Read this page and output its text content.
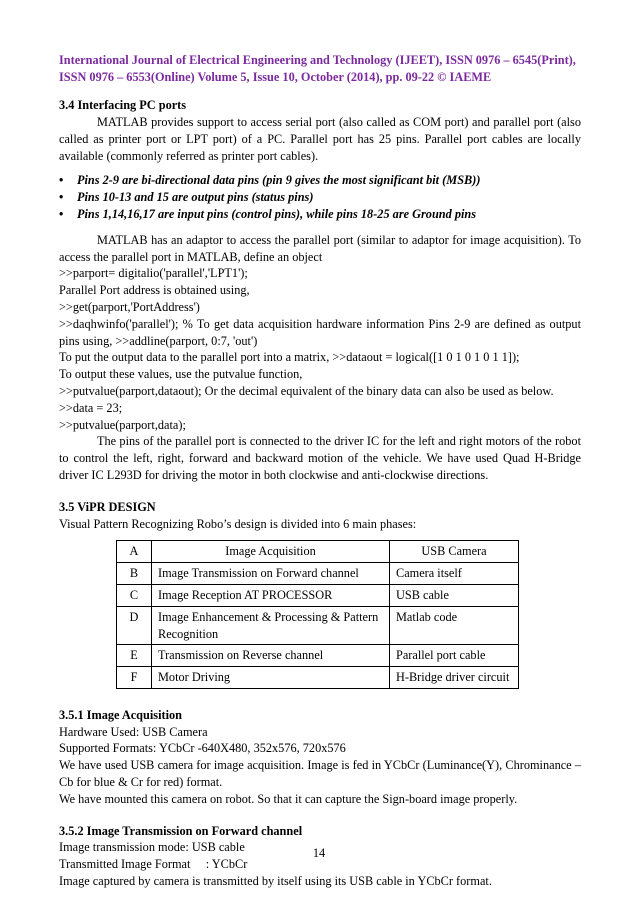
International Journal of Electrical Engineering and Technology (IJEET), ISSN 0976 – 6545(Print),
ISSN 0976 – 6553(Online) Volume 5, Issue 10, October (2014), pp. 09-22 © IAEME
3.4 Interfacing PC ports

MATLAB provides support to access serial port (also called as COM port) and parallel port (also called as printer port or LPT port) of a PC. Parallel port has 25 pins. Parallel port cables are locally available (commonly referred as printer port cables).

• Pins 2-9 are bi-directional data pins (pin 9 gives the most significant bit (MSB))
• Pins 10-13 and 15 are output pins (status pins)
• Pins 1,14,16,17 are input pins (control pins), while pins 18-25 are Ground pins

MATLAB has an adaptor to access the parallel port (similar to adaptor for image acquisition). To access the parallel port in MATLAB, define an object

>>parport= digitalio('parallel','LPT1');

Parallel Port address is obtained using,

>>get(parport,'PortAddress')

>>daqhwinfo('parallel'); % To get data acquisition hardware information Pins 2-9 are defined as output pins using, >>addline(parport, 0:7, 'out')

To put the output data to the parallel port into a matrix, >>dataout = logical([1 0 1 0 1 0 1 1]);

To output these values, use the putvalue function,

>>putvalue(parport,dataout); Or the decimal equivalent of the binary data can also be used as below.

>>data = 23;

>>putvalue(parport,data);

The pins of the parallel port is connected to the driver IC for the left and right motors of the robot to control the left, right, forward and backward motion of the vehicle. We have used Quad H-Bridge driver IC L293D for driving the motor in both clockwise and anti-clockwise directions.

3.5 ViPR DESIGN

Visual Pattern Recognizing Robo’s design is divided into 6 main phases:

A	Image Acquisition	USB Camera
B	Image Transmission on Forward channel	Camera itself
C	Image Reception AT PROCESSOR	USB cable
D	Image Enhancement & Processing & Pattern Recognition	Matlab code
E	Transmission on Reverse channel	Parallel port cable
F	Motor Driving	H-Bridge driver circuit
3.5.1 Image Acquisition

Hardware Used: USB Camera

Supported Formats: YCbCr -640X480, 352x576, 720x576

We have used USB camera for image acquisition. Image is fed in YCbCr (Luminance(Y), Chrominance – Cb for blue & Cr for red) format.

We have mounted this camera on robot. So that it can capture the Sign-board image properly.

3.5.2 Image Transmission on Forward channel

Image transmission mode: USB cable

Transmitted Image Format     : YCbCr

Image captured by camera is transmitted by itself using its USB cable in YCbCr format.

14
